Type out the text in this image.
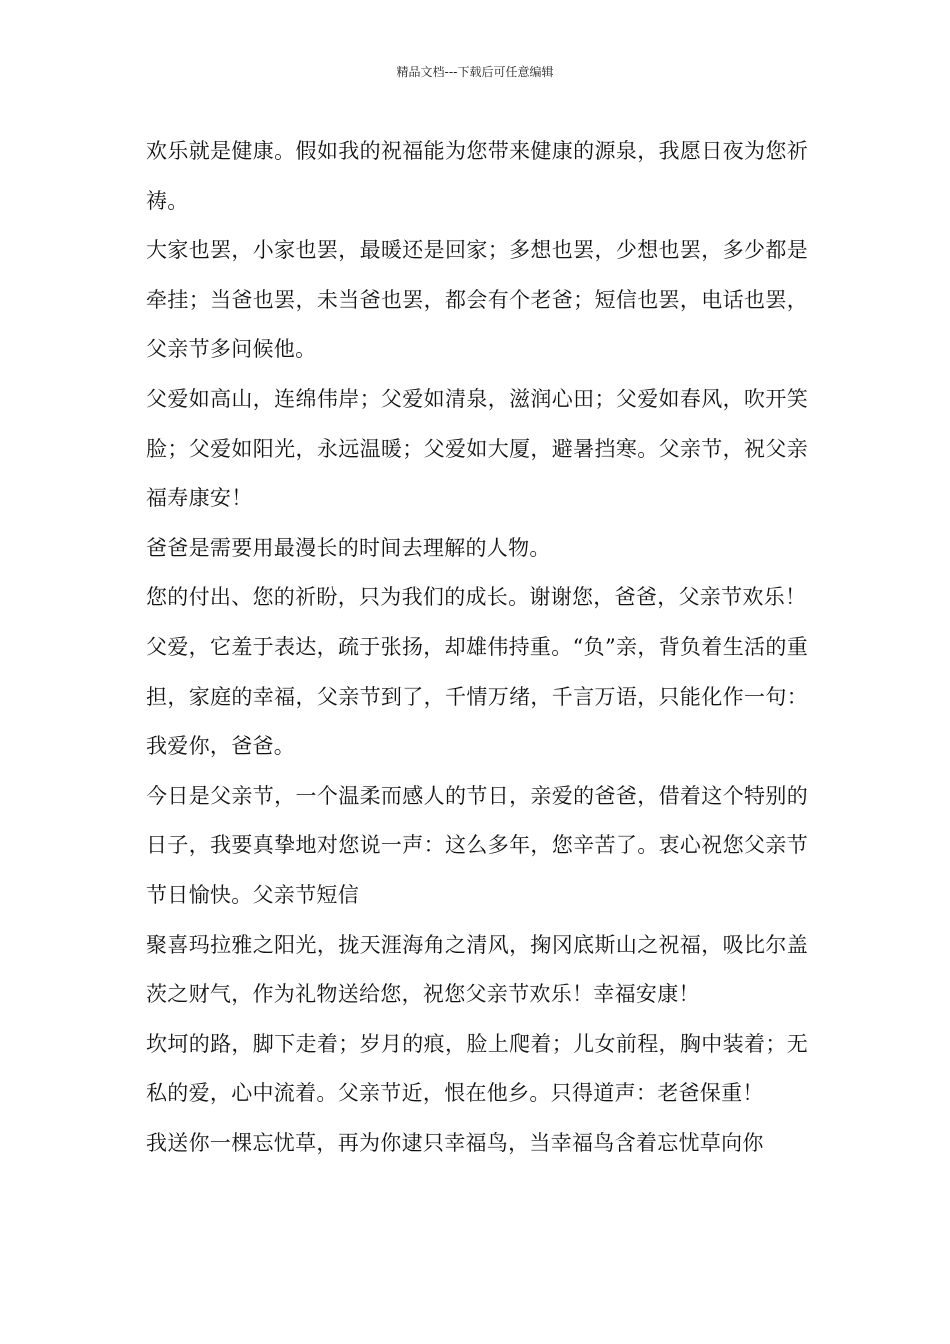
精品文档---下载后可任意编辑

欢乐就是健康。假如我的祝福能为您带来健康的源泉，我愿日夜为您祈祷。

大家也罢，小家也罢，最暖还是回家；多想也罢，少想也罢，多少都是牵挂；当爸也罢，未当爸也罢，都会有个老爸；短信也罢，电话也罢，父亲节多问候他。

父爱如高山，连绵伟岸；父爱如清泉，滋润心田；父爱如春风，吹开笑脸；父爱如阳光，永远温暖；父爱如大厦，避暑挡寒。父亲节，祝父亲福寿康安！

爸爸是需要用最漫长的时间去理解的人物。

您的付出、您的祈盼，只为我们的成长。谢谢您，爸爸，父亲节欢乐！

父爱，它羞于表达，疏于张扬，却雄伟持重。“负”亲，背负着生活的重担，家庭的幸福，父亲节到了，千情万绪，千言万语，只能化作一句：我爱你，爸爸。

今日是父亲节，一个温柔而感人的节日，亲爱的爸爸，借着这个特别的日子，我要真挚地对您说一声：这么多年，您辛苦了。衷心祝您父亲节节日愉快。父亲节短信

聚喜玛拉雅之阳光，拢天涯海角之清风，掬冈底斯山之祝福，吸比尔盖茨之财气，作为礼物送给您，祝您父亲节欢乐！幸福安康！

坎坷的路，脚下走着；岁月的痕，脸上爬着；儿女前程，胸中装着；无私的爱，心中流着。父亲节近，恨在他乡。只得道声：老爸保重！

我送你一棵忘忧草，再为你逮只幸福鸟，当幸福鸟含着忘忧草向你
